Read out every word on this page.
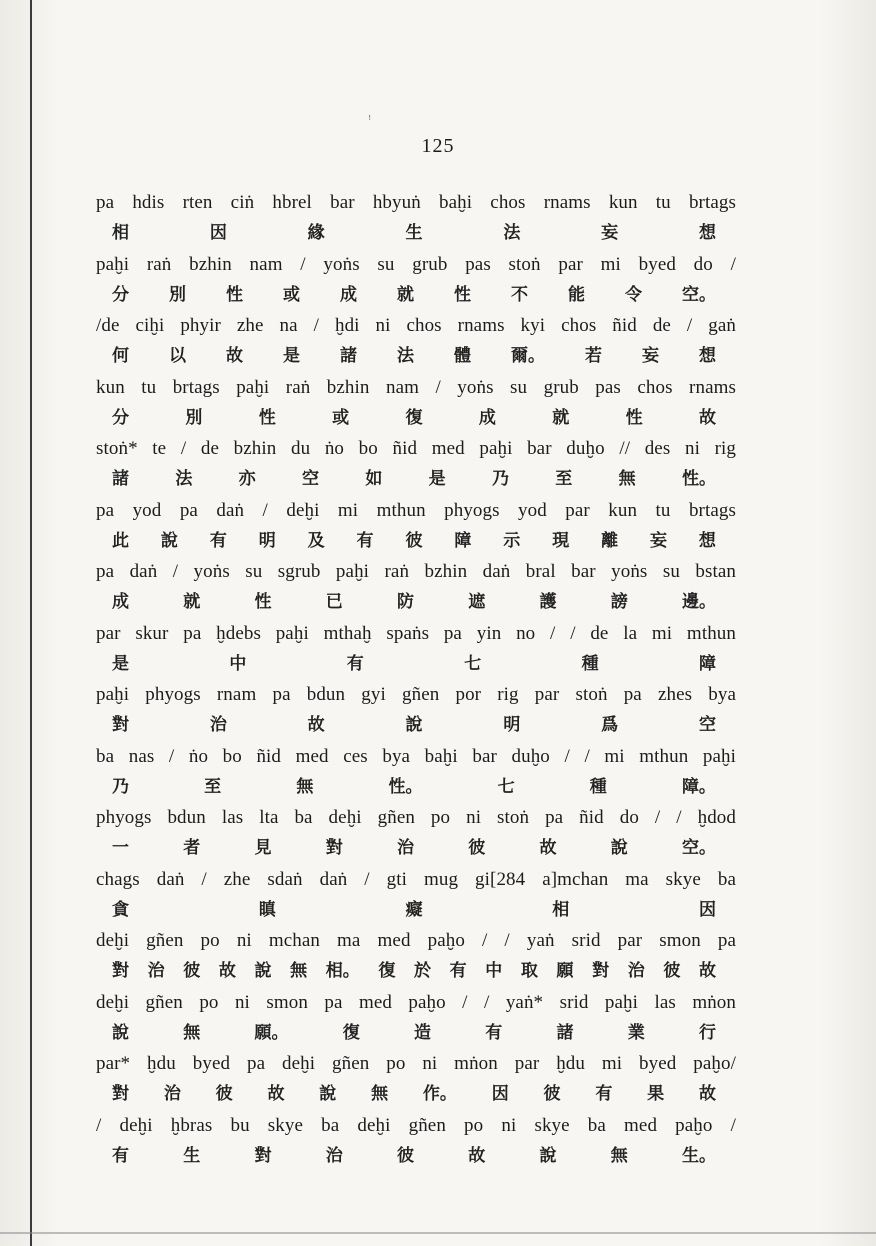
ꜝ
125
pa hdis rten ciṅ hbrel bar hbyuṅ baḫi chos rnams kun tu brtags
相	因	緣	生	法	妄	想
paḫi raṅ bzhin nam / yoṅs su grub pas stoṅ par mi byed do /
分 別 性 或 成 就 性 不 能 令 空。
/de ciḫi phyir zhe na / ḫdi ni chos rnams kyi chos ñid de / gaṅ
何 以 故 是 諸 法 體 爾。 若 妄 想
kun tu brtags paḫi raṅ bzhin nam / yoṅs su grub pas chos rnams
分	別	性	或	復	成	就	性	故
stoṅ* te / de bzhin du ṅo bo ñid med paḫi bar duḫo // des ni rig
諸	法	亦	空	如	是	乃	至	無	性。
pa yod pa daṅ / deḫi mi mthun phyogs yod par kun tu brtags
此 說 有 明 及 有 彼 障 示 現 離 妄 想
pa daṅ / yoṅs su sgrub paḫi raṅ bzhin daṅ bral bar yoṅs su bstan
成	就	性	已	防	遮	護	謗	邊。
par skur pa ḫdebs paḫi mthaḫ spaṅs pa yin no / / de la mi mthun
是	中	有	七	種	障
paḫi phyogs rnam pa bdun gyi gñen por rig par stoṅ pa zhes bya
對	治	故	說	明	爲	空
ba nas / ṅo bo ñid med ces bya baḫi bar duḫo / / mi mthun paḫi
乃	至	無	性。	七	種	障。
phyogs bdun las lta ba deḫi gñen po ni stoṅ pa ñid do / / ḫdod
一	者	見	對	治	彼	故	說	空。
chags daṅ / zhe sdaṅ daṅ / gti mug gi[284 a]mchan ma skye ba
貪	瞋	癡	相	因
deḫi gñen po ni mchan ma med paḫo / / yaṅ srid par smon pa
對 治 彼 故 說 無 相。 復 於 有 中 取 願 對 治 彼 故
deḫi gñen po ni smon pa med paḫo / / yaṅ* srid paḫi las mṅon
說	無	願。	復	造	有	諸	業	行
par* ḫdu byed pa deḫi gñen po ni mṅon par ḫdu mi byed paḫo/
對 治 彼 故 說 無 作。 因 彼 有 果 故
/ deḫi ḫbras bu skye ba deḫi gñen po ni skye ba med paḫo /
有	生	對	治	彼	故	說	無	生。
